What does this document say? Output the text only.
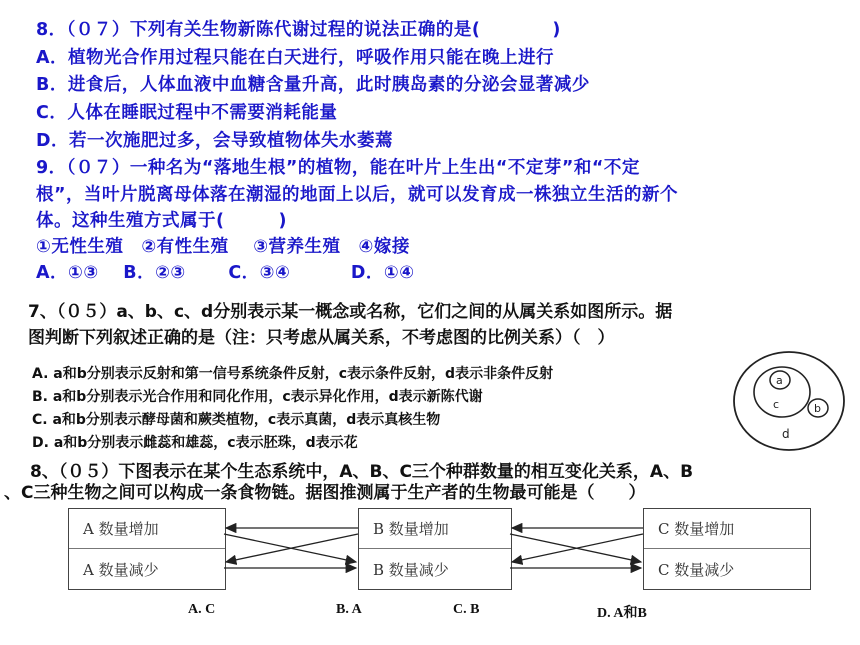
8．（０７）下列有关生物新陈代谢过程的说法正确的是(　　　　)
A．植物光合作用过程只能在白天进行，呼吸作用只能在晚上进行
B．进食后，人体血液中血糖含量升高，此时胰岛素的分泌会显著减少
C．人体在睡眠过程中不需要消耗能量
D．若一次施肥过多，会导致植物体失水萎蔫
9．（０７）一种名为“落地生根”的植物，能在叶片上生出“不定芽”和“不定
根”，当叶片脱离母体落在潮湿的地面上以后，就可以发育成一株独立生活的新个
体。这种生殖方式属于(　　　)
①无性生殖　②有性生殖　 ③营养生殖　④嫁接
A．①③　 B．②③　　 C．③④　　　 D．①④
7、（０５）a、b、c、d分别表示某一概念或名称，它们之间的从属关系如图所示。据
图判断下列叙述正确的是（注：只考虑从属关系，不考虑图的比例关系）（　）
A. a和b分别表示反射和第一信号系统条件反射，c表示条件反射，d表示非条件反射
B. a和b分别表示光合作用和同化作用，c表示异化作用，d表示新陈代谢
C. a和b分别表示酵母菌和蕨类植物，c表示真菌，d表示真核生物
D. a和b分别表示雌蕊和雄蕊，c表示胚珠，d表示花
a
c	b
d
8、（０５）下图表示在某个生态系统中，A、B、C三个种群数量的相互变化关系，A、B
、C三种生物之间可以构成一条食物链。据图推测属于生产者的生物最可能是（　　）
A 数量增加
A 数量减少
B 数量增加
B 数量减少
C 数量增加
C 数量减少
A. C	B. A	C. B	D. A和B
